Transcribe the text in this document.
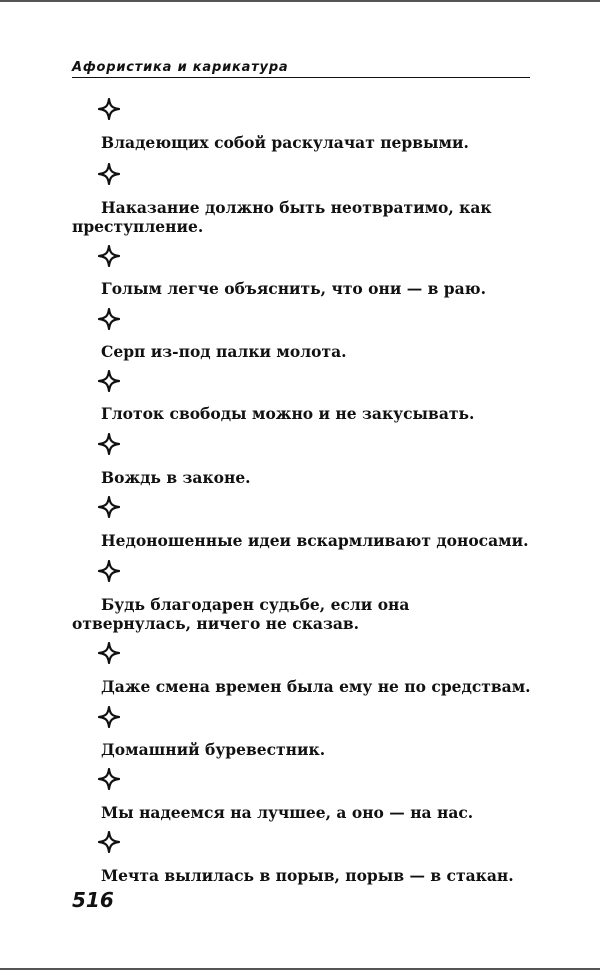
Афористика и карикатура
Владеющих собой раскулачат первыми.
Наказание должно быть неотвратимо, как преступление.
Голым легче объяснить, что они — в раю.
Серп из-под палки молота.
Глоток свободы можно и не закусывать.
Вождь в законе.
Недоношенные идеи вскармливают доносами.
Будь благодарен судьбе, если она отвернулась, ничего не сказав.
Даже смена времен была ему не по средствам.
Домашний буревестник.
Мы надеемся на лучшее, а оно — на нас.
Мечта вылилась в порыв, порыв — в стакан.
516
